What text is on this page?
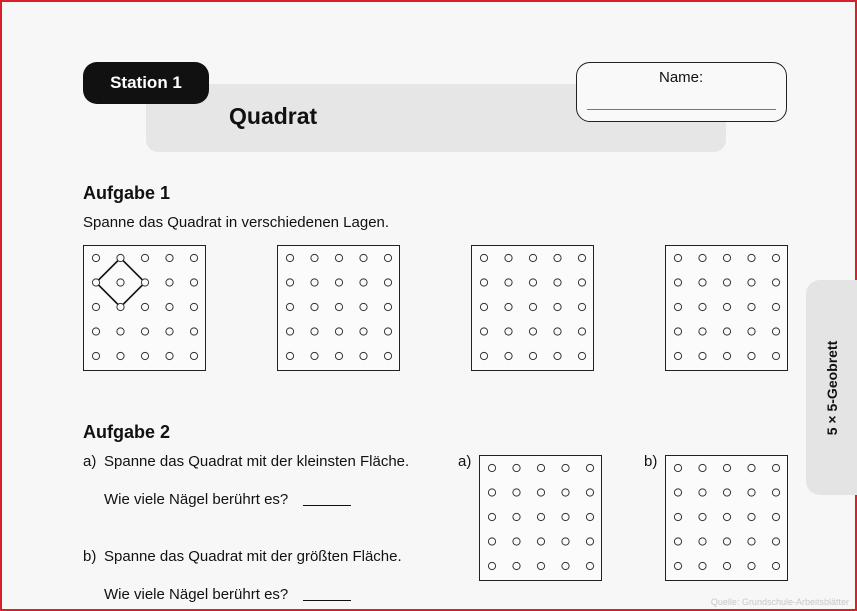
Station 1
Quadrat
Name:
5 × 5-Geobrett
Aufgabe 1
Spanne das Quadrat in verschiedenen Lagen.
Aufgabe 2
a) Spanne das Quadrat mit der kleinsten Fläche.
Wie viele Nägel berührt es?
b) Spanne das Quadrat mit der größten Fläche.
Wie viele Nägel berührt es?
a)	b)
Quelle: Grundschule-Arbeitsblätter
